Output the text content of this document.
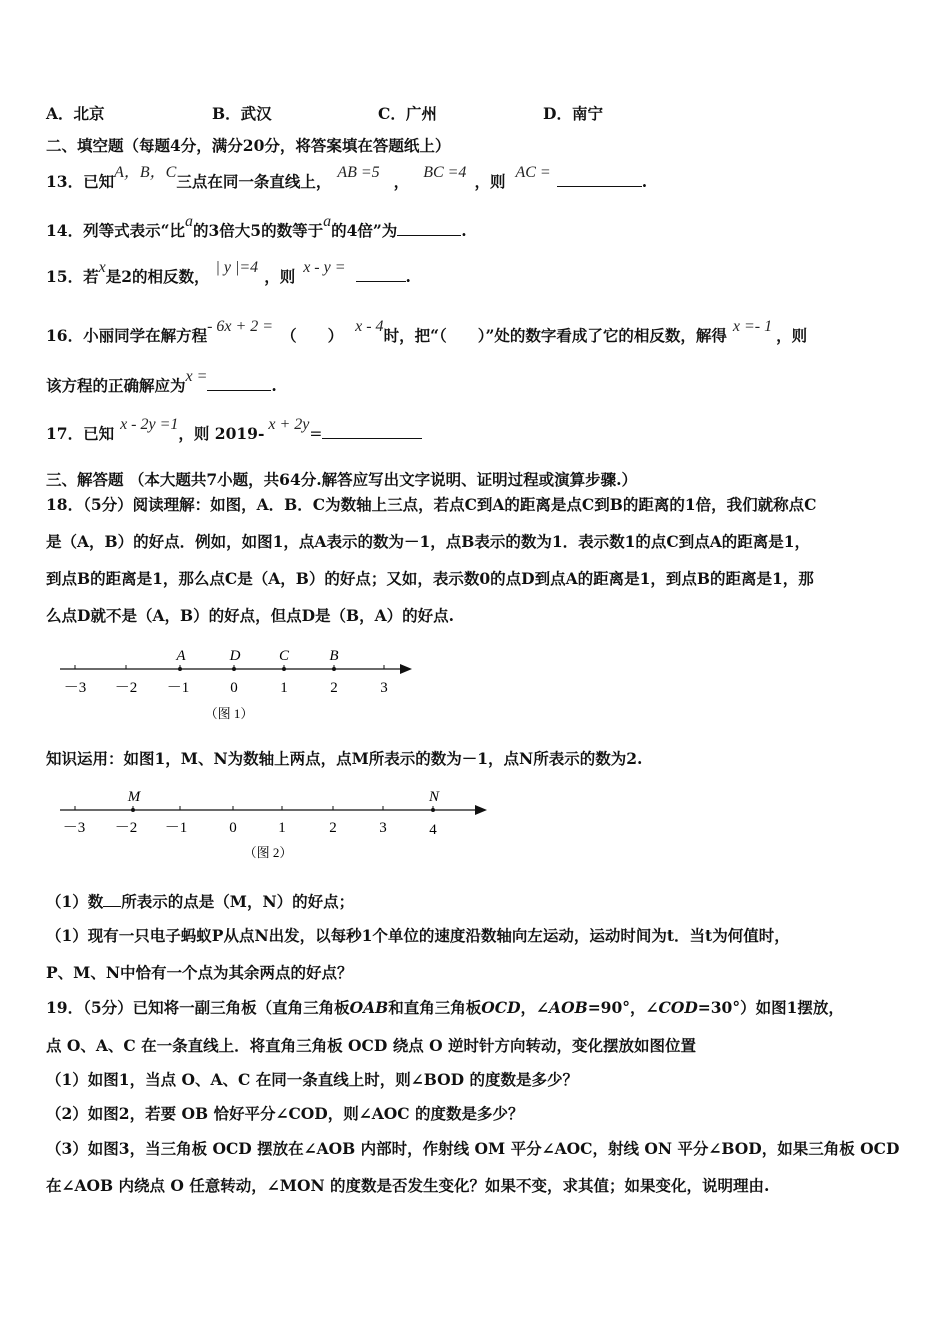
A．北京	B．武汉	C．广州	D．南宁
二、填空题（每题4分，满分20分，将答案填在答题纸上）
13．已知A，B，C三点在同一条直线上， AB =5 ， BC =4 ，则 AC =	.
14．列等式表示“比a的3倍大5的数等于a的4倍”为	.
15．若x是2的相反数， | y |=4 ，则 x - y =	.
16．小丽同学在解方程- 6x + 2 = （　　） x - 4时，把“（　　）”处的数字看成了它的相反数，解得 x =- 1 ，则
该方程的正确解应为x =	.
17．已知 x - 2y =1，则 2019- x + 2y=
三、解答题 （本大题共7小题，共64分.解答应写出文字说明、证明过程或演算步骤.）
18．（5分）阅读理解：如图，A．B．C为数轴上三点，若点C到A的距离是点C到B的距离的1倍，我们就称点C
是（A，B）的好点．例如，如图1，点A表示的数为－1，点B表示的数为1．表示数1的点C到点A的距离是1，
到点B的距离是1，那么点C是（A，B）的好点；又如，表示数0的点D到点A的距离是1，到点B的距离是1，那
么点D就不是（A，B）的好点，但点D是（B，A）的好点.
－3 －2 －1	0	1	2	3
A	D	C	B
（图 1）
－3 －2 －1	0	1	2	3	4
M	N
（图 2）
知识运用：如图1，M、N为数轴上两点，点M所表示的数为－1，点N所表示的数为2.
（1）数 所表示的点是（M，N）的好点；
（1）现有一只电子蚂蚁P从点N出发，以每秒1个单位的速度沿数轴向左运动，运动时间为t．当t为何值时，
P、M、N中恰有一个点为其余两点的好点？
19．（5分）已知将一副三角板（直角三角板OAB和直角三角板OCD，∠AOB=90°，∠COD=30°）如图1摆放，
点 O、A、C 在一条直线上．将直角三角板 OCD 绕点 O 逆时针方向转动，变化摆放如图位置
（1）如图1，当点 O、A、C 在同一条直线上时，则∠BOD 的度数是多少？
（2）如图2，若要 OB 恰好平分∠COD，则∠AOC 的度数是多少？
（3）如图3，当三角板 OCD 摆放在∠AOB 内部时，作射线 OM 平分∠AOC，射线 ON 平分∠BOD，如果三角板 OCD
在∠AOB 内绕点 O 任意转动，∠MON 的度数是否发生变化？如果不变，求其值；如果变化，说明理由.
